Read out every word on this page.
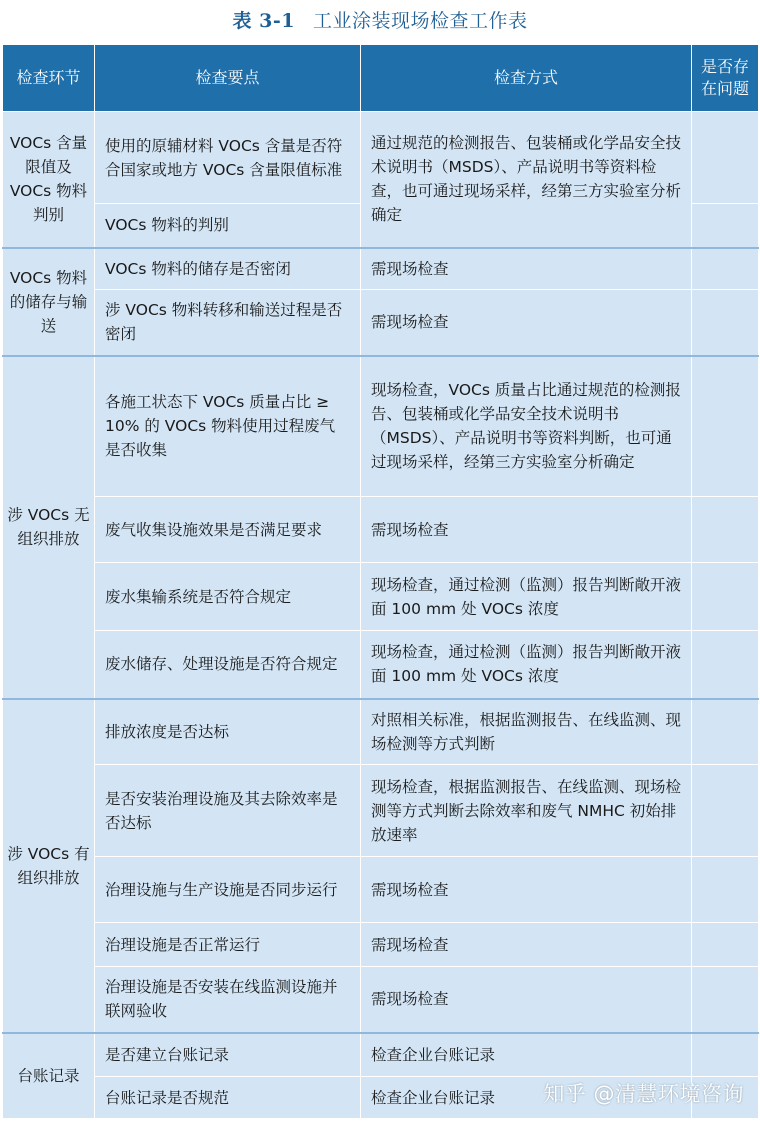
表 3-1 工业涂装现场检查工作表
检查环节	检查要点	检查方式	是否存在问题
VOCs 含量限值及 VOCs 物料判别	使用的原辅材料 VOCs 含量是否符合国家或地方 VOCs 含量限值标准	通过规范的检测报告、包装桶或化学品安全技术说明书（MSDS）、产品说明书等资料检查，也可通过现场采样，经第三方实验室分析确定	
	VOCs 物料的判别		
VOCs 物料的储存与输送	VOCs 物料的储存是否密闭	需现场检查	
	涉 VOCs 物料转移和输送过程是否密闭	需现场检查	
涉 VOCs 无组织排放	各施工状态下 VOCs 质量占比 ≥ 10% 的 VOCs 物料使用过程废气是否收集	现场检查，VOCs 质量占比通过规范的检测报告、包装桶或化学品安全技术说明书（MSDS）、产品说明书等资料判断，也可通过现场采样，经第三方实验室分析确定	
	废气收集设施效果是否满足要求	需现场检查	
	废水集输系统是否符合规定	现场检查，通过检测（监测）报告判断敞开液面 100 mm 处 VOCs 浓度	
	废水储存、处理设施是否符合规定	现场检查，通过检测（监测）报告判断敞开液面 100 mm 处 VOCs 浓度	
涉 VOCs 有组织排放	排放浓度是否达标	对照相关标准，根据监测报告、在线监测、现场检测等方式判断	
	是否安装治理设施及其去除效率是否达标	现场检查，根据监测报告、在线监测、现场检测等方式判断去除效率和废气 NMHC 初始排放速率	
	治理设施与生产设施是否同步运行	需现场检查	
	治理设施是否正常运行	需现场检查	
	治理设施是否安装在线监测设施并联网验收	需现场检查	
台账记录	是否建立台账记录	检查企业台账记录	
	台账记录是否规范	检查企业台账记录	知乎 @清慧环境咨询
